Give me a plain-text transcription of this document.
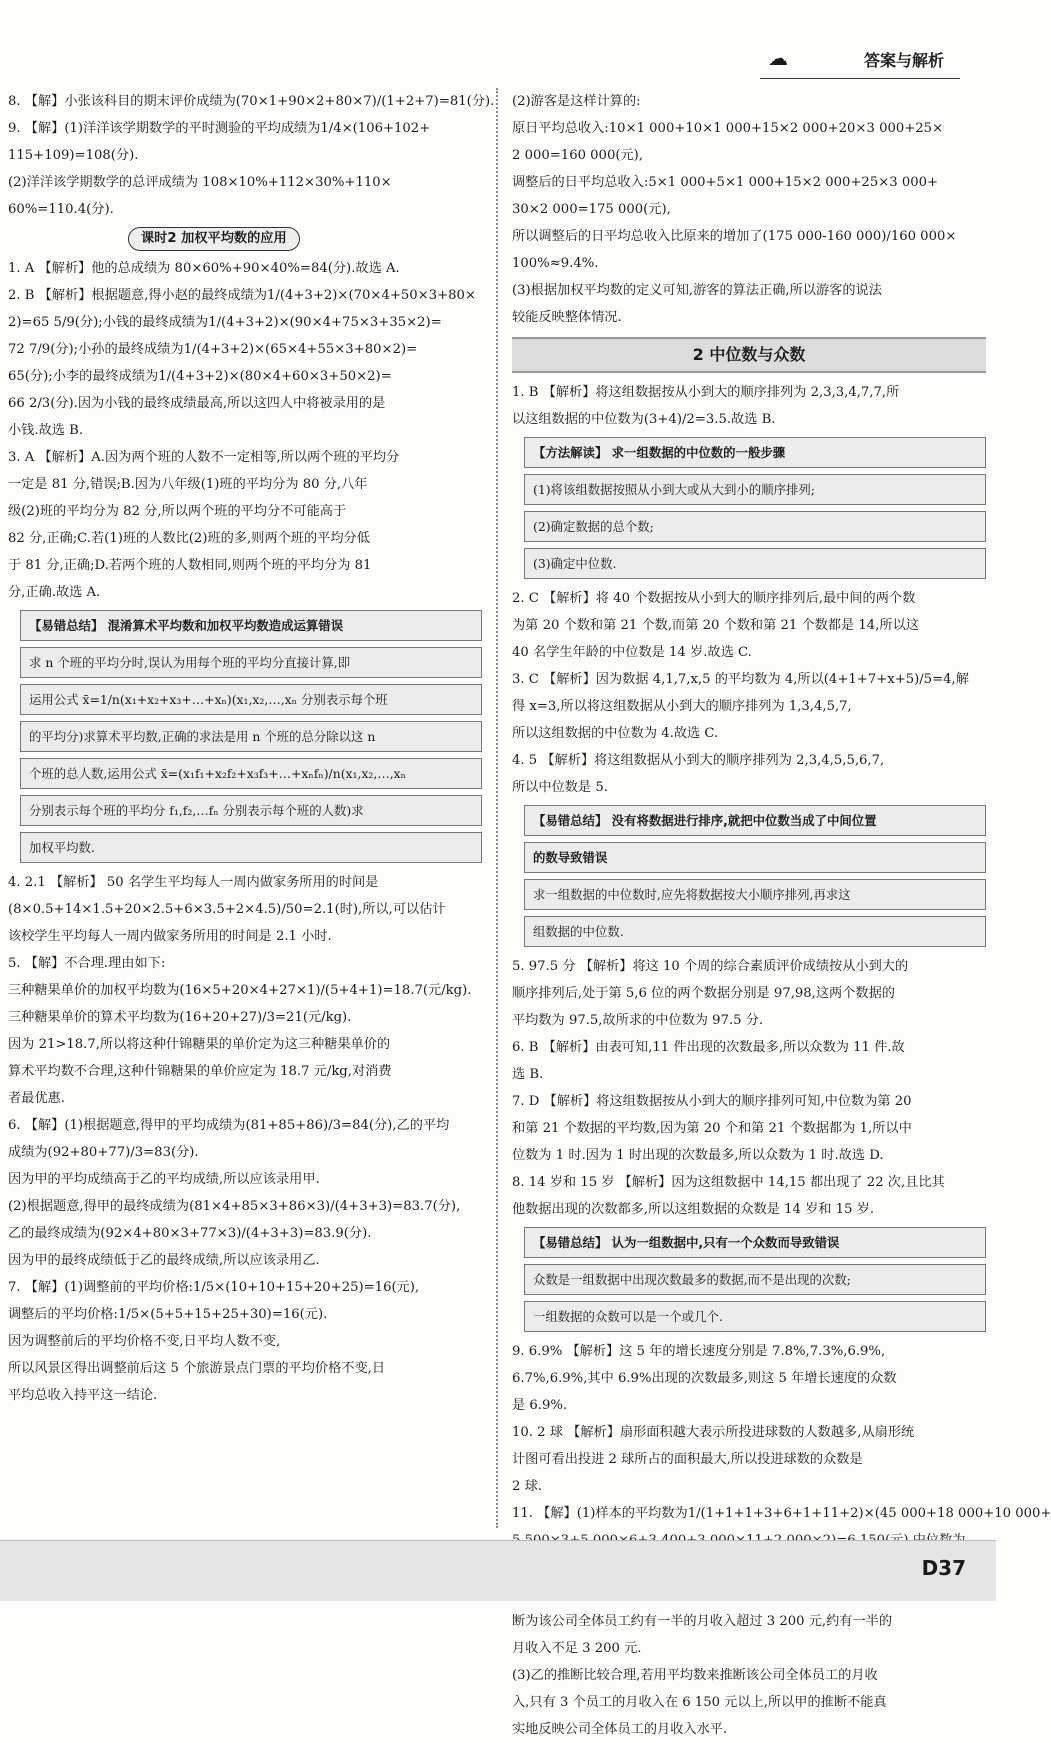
☁	答案与解析
8. 【解】小张该科目的期末评价成绩为(70×1+90×2+80×7)/(1+2+7)=81(分).
9. 【解】(1)洋洋该学期数学的平时测验的平均成绩为1/4×(106+102+
115+109)=108(分).
(2)洋洋该学期数学的总评成绩为 108×10%+112×30%+110×
60%=110.4(分).
课时2 加权平均数的应用
1. A 【解析】他的总成绩为 80×60%+90×40%=84(分).故选 A.
2. B 【解析】根据题意,得小赵的最终成绩为1/(4+3+2)×(70×4+50×3+80×
2)=65 5/9(分);小钱的最终成绩为1/(4+3+2)×(90×4+75×3+35×2)=
72 7/9(分);小孙的最终成绩为1/(4+3+2)×(65×4+55×3+80×2)=
65(分);小李的最终成绩为1/(4+3+2)×(80×4+60×3+50×2)=
66 2/3(分).因为小钱的最终成绩最高,所以这四人中将被录用的是
小钱.故选 B.
3. A 【解析】A.因为两个班的人数不一定相等,所以两个班的平均分
一定是 81 分,错误;B.因为八年级(1)班的平均分为 80 分,八年
级(2)班的平均分为 82 分,所以两个班的平均分不可能高于
82 分,正确;C.若(1)班的人数比(2)班的多,则两个班的平均分低
于 81 分,正确;D.若两个班的人数相同,则两个班的平均分为 81
分,正确.故选 A.
【易错总结】 混淆算术平均数和加权平均数造成运算错误
求 n 个班的平均分时,误认为用每个班的平均分直接计算,即
运用公式 x̄=1/n(x₁+x₂+x₃+…+xₙ)(x₁,x₂,…,xₙ 分别表示每个班
的平均分)求算术平均数,正确的求法是用 n 个班的总分除以这 n
个班的总人数,运用公式 x̄=(x₁f₁+x₂f₂+x₃f₃+…+xₙfₙ)/n(x₁,x₂,…,xₙ
分别表示每个班的平均分 f₁,f₂,…fₙ 分别表示每个班的人数)求
加权平均数.
4. 2.1 【解析】 50 名学生平均每人一周内做家务所用的时间是
(8×0.5+14×1.5+20×2.5+6×3.5+2×4.5)/50=2.1(时),所以,可以估计
该校学生平均每人一周内做家务所用的时间是 2.1 小时.
5. 【解】不合理.理由如下:
三种糖果单价的加权平均数为(16×5+20×4+27×1)/(5+4+1)=18.7(元/kg).
三种糖果单价的算术平均数为(16+20+27)/3=21(元/kg).
因为 21>18.7,所以将这种什锦糖果的单价定为这三种糖果单价的
算术平均数不合理,这种什锦糖果的单价应定为 18.7 元/kg,对消费
者最优惠.
6. 【解】(1)根据题意,得甲的平均成绩为(81+85+86)/3=84(分),乙的平均
成绩为(92+80+77)/3=83(分).
因为甲的平均成绩高于乙的平均成绩,所以应该录用甲.
(2)根据题意,得甲的最终成绩为(81×4+85×3+86×3)/(4+3+3)=83.7(分),
乙的最终成绩为(92×4+80×3+77×3)/(4+3+3)=83.9(分).
因为甲的最终成绩低于乙的最终成绩,所以应该录用乙.
7. 【解】(1)调整前的平均价格:1/5×(10+10+15+20+25)=16(元),
调整后的平均价格:1/5×(5+5+15+25+30)=16(元).
因为调整前后的平均价格不变,日平均人数不变,
所以风景区得出调整前后这 5 个旅游景点门票的平均价格不变,日
平均总收入持平这一结论.
(2)游客是这样计算的:
原日平均总收入:10×1 000+10×1 000+15×2 000+20×3 000+25×
2 000=160 000(元),
调整后的日平均总收入:5×1 000+5×1 000+15×2 000+25×3 000+
30×2 000=175 000(元),
所以调整后的日平均总收入比原来的增加了(175 000-160 000)/160 000×
100%≈9.4%.
(3)根据加权平均数的定义可知,游客的算法正确,所以游客的说法
较能反映整体情况.
2 中位数与众数
1. B 【解析】将这组数据按从小到大的顺序排列为 2,3,3,4,7,7,所
以这组数据的中位数为(3+4)/2=3.5.故选 B.
【方法解读】 求一组数据的中位数的一般步骤
(1)将该组数据按照从小到大或从大到小的顺序排列;
(2)确定数据的总个数;
(3)确定中位数.
2. C 【解析】将 40 个数据按从小到大的顺序排列后,最中间的两个数
为第 20 个数和第 21 个数,而第 20 个数和第 21 个数都是 14,所以这
40 名学生年龄的中位数是 14 岁.故选 C.
3. C 【解析】因为数据 4,1,7,x,5 的平均数为 4,所以(4+1+7+x+5)/5=4,解
得 x=3,所以将这组数据从小到大的顺序排列为 1,3,4,5,7,
所以这组数据的中位数为 4.故选 C.
4. 5 【解析】将这组数据从小到大的顺序排列为 2,3,4,5,5,6,7,
所以中位数是 5.
【易错总结】 没有将数据进行排序,就把中位数当成了中间位置
的数导致错误
求一组数据的中位数时,应先将数据按大小顺序排列,再求这
组数据的中位数.
5. 97.5 分 【解析】将这 10 个周的综合素质评价成绩按从小到大的
顺序排列后,处于第 5,6 位的两个数据分别是 97,98,这两个数据的
平均数为 97.5,故所求的中位数为 97.5 分.
6. B 【解析】由表可知,11 件出现的次数最多,所以众数为 11 件.故
选 B.
7. D 【解析】将这组数据按从小到大的顺序排列可知,中位数为第 20
和第 21 个数据的平均数,因为第 20 个和第 21 个数据都为 1,所以中
位数为 1 时.因为 1 时出现的次数最多,所以众数为 1 时.故选 D.
8. 14 岁和 15 岁 【解析】因为这组数据中 14,15 都出现了 22 次,且比其
他数据出现的次数都多,所以这组数据的众数是 14 岁和 15 岁.
【易错总结】 认为一组数据中,只有一个众数而导致错误
众数是一组数据中出现次数最多的数据,而不是出现的次数;
一组数据的众数可以是一个或几个.
9. 6.9% 【解析】这 5 年的增长速度分别是 7.8%,7.3%,6.9%,
6.7%,6.9%,其中 6.9%出现的次数最多,则这 5 年增长速度的众数
是 6.9%.
10. 2 球 【解析】扇形面积越大表示所投进球数的人数越多,从扇形统
计图可看出投进 2 球所占的面积最大,所以投进球数的众数是
2 球.
11. 【解】(1)样本的平均数为1/(1+1+1+3+6+1+11+2)×(45 000+18 000+10 000+
断为该公司全体员工约有一半的月收入超过 3 200 元,约有一半的
月收入不足 3 200 元.
(3)乙的推断比较合理,若用平均数来推断该公司全体员工的月收
入,只有 3 个员工的月收入在 6 150 元以上,所以甲的推断不能真
实地反映公司全体员工的月收入水平.
D37
